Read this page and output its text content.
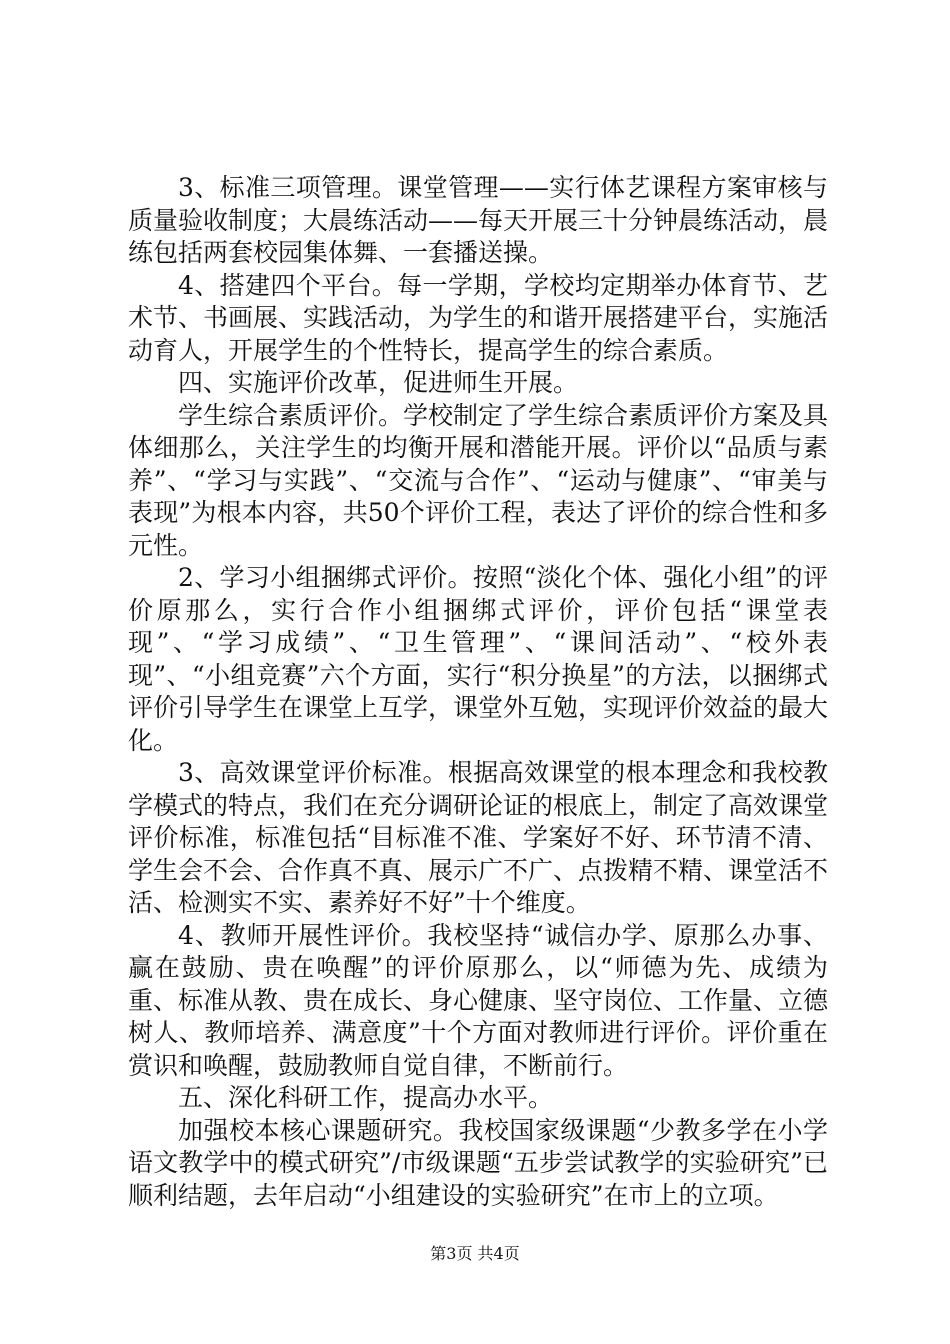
3、标准三项管理。课堂管理——实行体艺课程方案审核与质量验收制度；大晨练活动——每天开展三十分钟晨练活动，晨练包括两套校园集体舞、一套播送操。

4、搭建四个平台。每一学期，学校均定期举办体育节、艺术节、书画展、实践活动，为学生的和谐开展搭建平台，实施活动育人，开展学生的个性特长，提高学生的综合素质。

四、实施评价改革，促进师生开展。

学生综合素质评价。学校制定了学生综合素质评价方案及具体细那么，关注学生的均衡开展和潜能开展。评价以“品质与素养”、“学习与实践”、“交流与合作”、“运动与健康”、“审美与表现”为根本内容，共50个评价工程，表达了评价的综合性和多元性。

2、学习小组捆绑式评价。按照“淡化个体、强化小组”的评价原那么，实行合作小组捆绑式评价，评价包括“课堂表现”、“学习成绩”、“卫生管理”、“课间活动”、“校外表现”、“小组竞赛”六个方面，实行“积分换星”的方法，以捆绑式评价引导学生在课堂上互学，课堂外互勉，实现评价效益的最大化。

3、高效课堂评价标准。根据高效课堂的根本理念和我校教学模式的特点，我们在充分调研论证的根底上，制定了高效课堂评价标准，标准包括“目标准不准、学案好不好、环节清不清、学生会不会、合作真不真、展示广不广、点拨精不精、课堂活不活、检测实不实、素养好不好”十个维度。

4、教师开展性评价。我校坚持“诚信办学、原那么办事、赢在鼓励、贵在唤醒”的评价原那么，以“师德为先、成绩为重、标准从教、贵在成长、身心健康、坚守岗位、工作量、立德树人、教师培养、满意度”十个方面对教师进行评价。评价重在赏识和唤醒，鼓励教师自觉自律，不断前行。

五、深化科研工作，提高办水平。

加强校本核心课题研究。我校国家级课题“少教多学在小学语文教学中的模式研究”/市级课题“五步尝试教学的实验研究”已顺利结题，去年启动“小组建设的实验研究”在市上的立项。

第3页 共4页
